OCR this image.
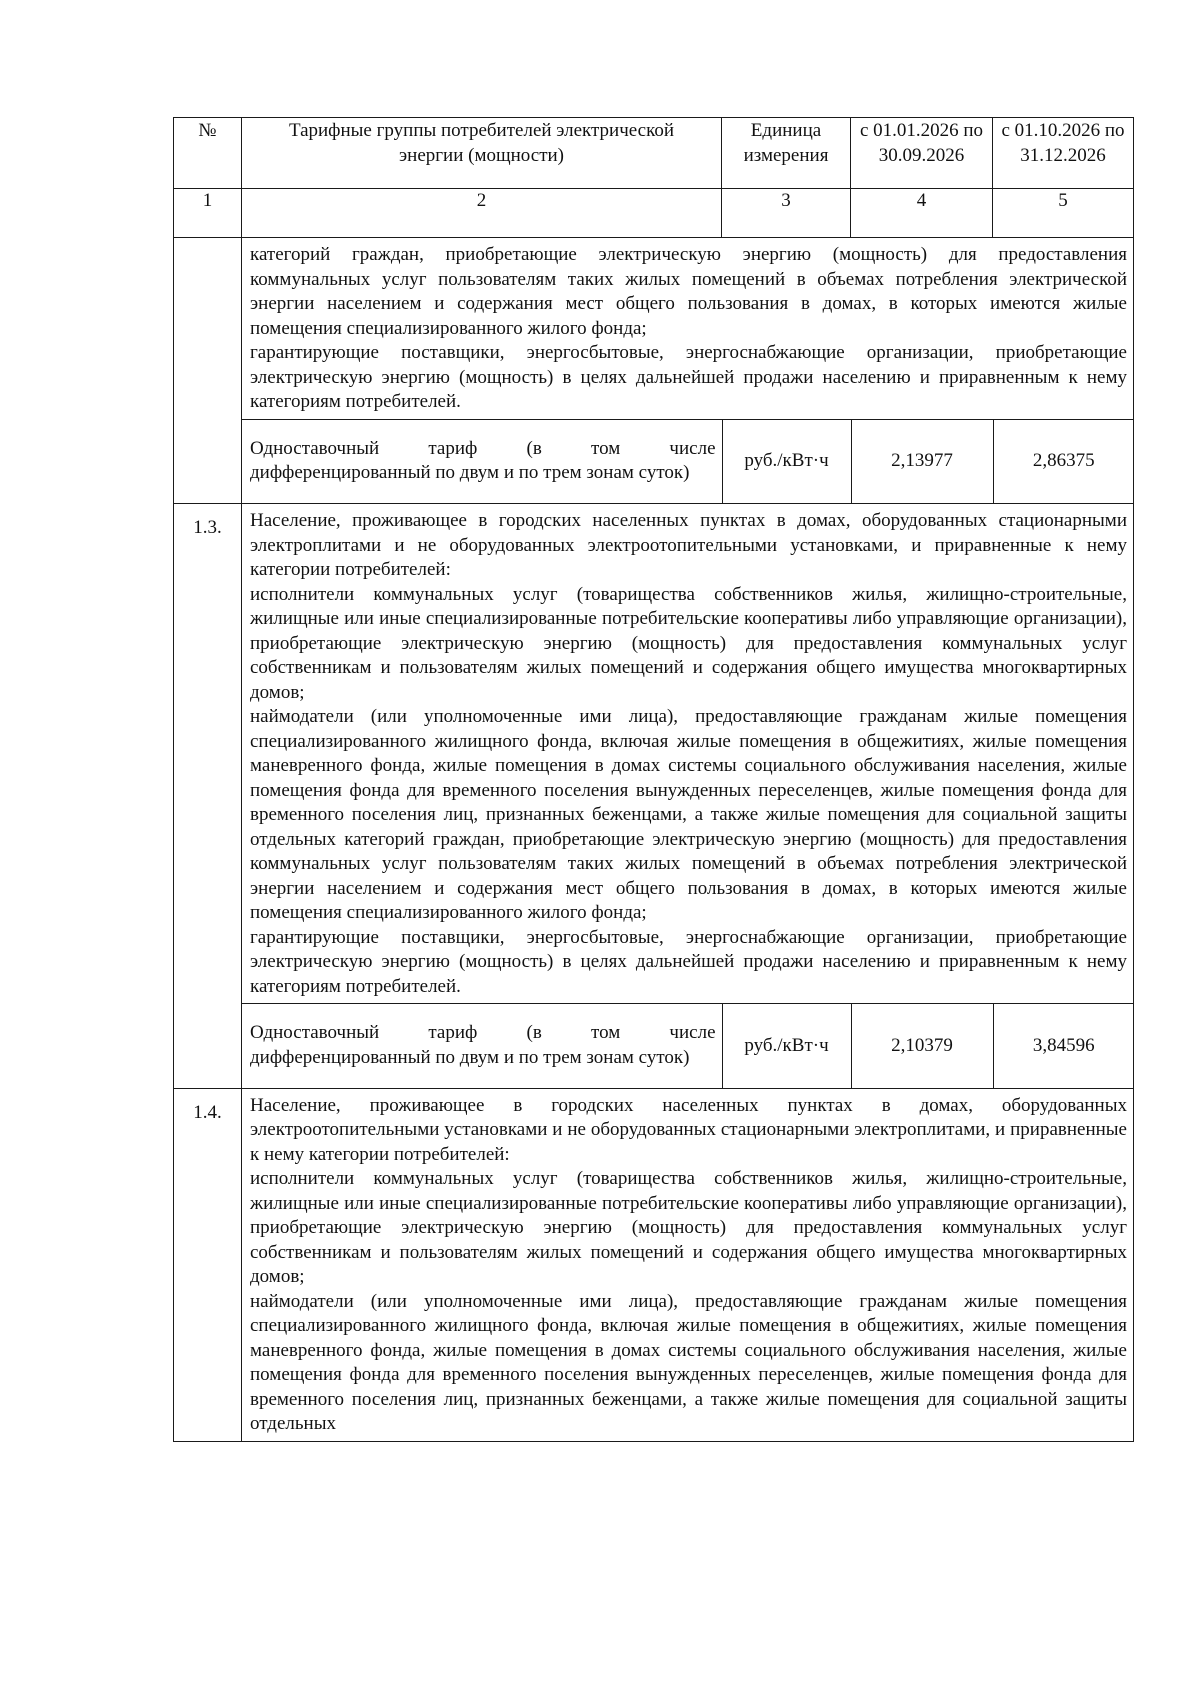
№	Тарифные группы потребителей электрической энергии (мощности)	Единица измерения	с 01.01.2026 по 30.09.2026	с 01.10.2026 по 31.12.2026
1	2	3	4	5

категорий граждан, приобретающие электрическую энергию (мощность) для предоставления коммунальных услуг пользователям таких жилых помещений в объемах потребления электрической энергии населением и содержания мест общего пользования в домах, в которых имеются жилые помещения специализированного жилого фонда;

гарантирующие поставщики, энергосбытовые, энергоснабжающие организации, приобретающие электрическую энергию (мощность) в целях дальнейшей продажи населению и приравненным к нему категориям потребителей.

Одноставочный тариф (в том числе дифференцированный по двум и по трем зонам суток)	руб./кВт·ч	2,13977	2,86375

1.3.	Население, проживающее в городских населенных пунктах в домах, оборудованных стационарными электроплитами и не оборудованных электроотопительными установками, и приравненные к нему категории потребителей:

исполнители коммунальных услуг (товарищества собственников жилья, жилищно-строительные, жилищные или иные специализированные потребительские кооперативы либо управляющие организации), приобретающие электрическую энергию (мощность) для предоставления коммунальных услуг собственникам и пользователям жилых помещений и содержания общего имущества многоквартирных домов;

наймодатели (или уполномоченные ими лица), предоставляющие гражданам жилые помещения специализированного жилищного фонда, включая жилые помещения в общежитиях, жилые помещения маневренного фонда, жилые помещения в домах системы социального обслуживания населения, жилые помещения фонда для временного поселения вынужденных переселенцев, жилые помещения фонда для временного поселения лиц, признанных беженцами, а также жилые помещения для социальной защиты отдельных категорий граждан, приобретающие электрическую энергию (мощность) для предоставления коммунальных услуг пользователям таких жилых помещений в объемах потребления электрической энергии населением и содержания мест общего пользования в домах, в которых имеются жилые помещения специализированного жилого фонда;

гарантирующие поставщики, энергосбытовые, энергоснабжающие организации, приобретающие электрическую энергию (мощность) в целях дальнейшей продажи населению и приравненным к нему категориям потребителей.

Одноставочный тариф (в том числе дифференцированный по двум и по трем зонам суток)	руб./кВт·ч	2,10379	3,84596

1.4.	Население, проживающее в городских населенных пунктах в домах, оборудованных электроотопительными установками и не оборудованных стационарными электроплитами, и приравненные к нему категории потребителей:

исполнители коммунальных услуг (товарищества собственников жилья, жилищно-строительные, жилищные или иные специализированные потребительские кооперативы либо управляющие организации), приобретающие электрическую энергию (мощность) для предоставления коммунальных услуг собственникам и пользователям жилых помещений и содержания общего имущества многоквартирных домов;

наймодатели (или уполномоченные ими лица), предоставляющие гражданам жилые помещения специализированного жилищного фонда, включая жилые помещения в общежитиях, жилые помещения маневренного фонда, жилые помещения в домах системы социального обслуживания населения, жилые помещения фонда для временного поселения вынужденных переселенцев, жилые помещения фонда для временного поселения лиц, признанных беженцами, а также жилые помещения для социальной защиты отдельных
